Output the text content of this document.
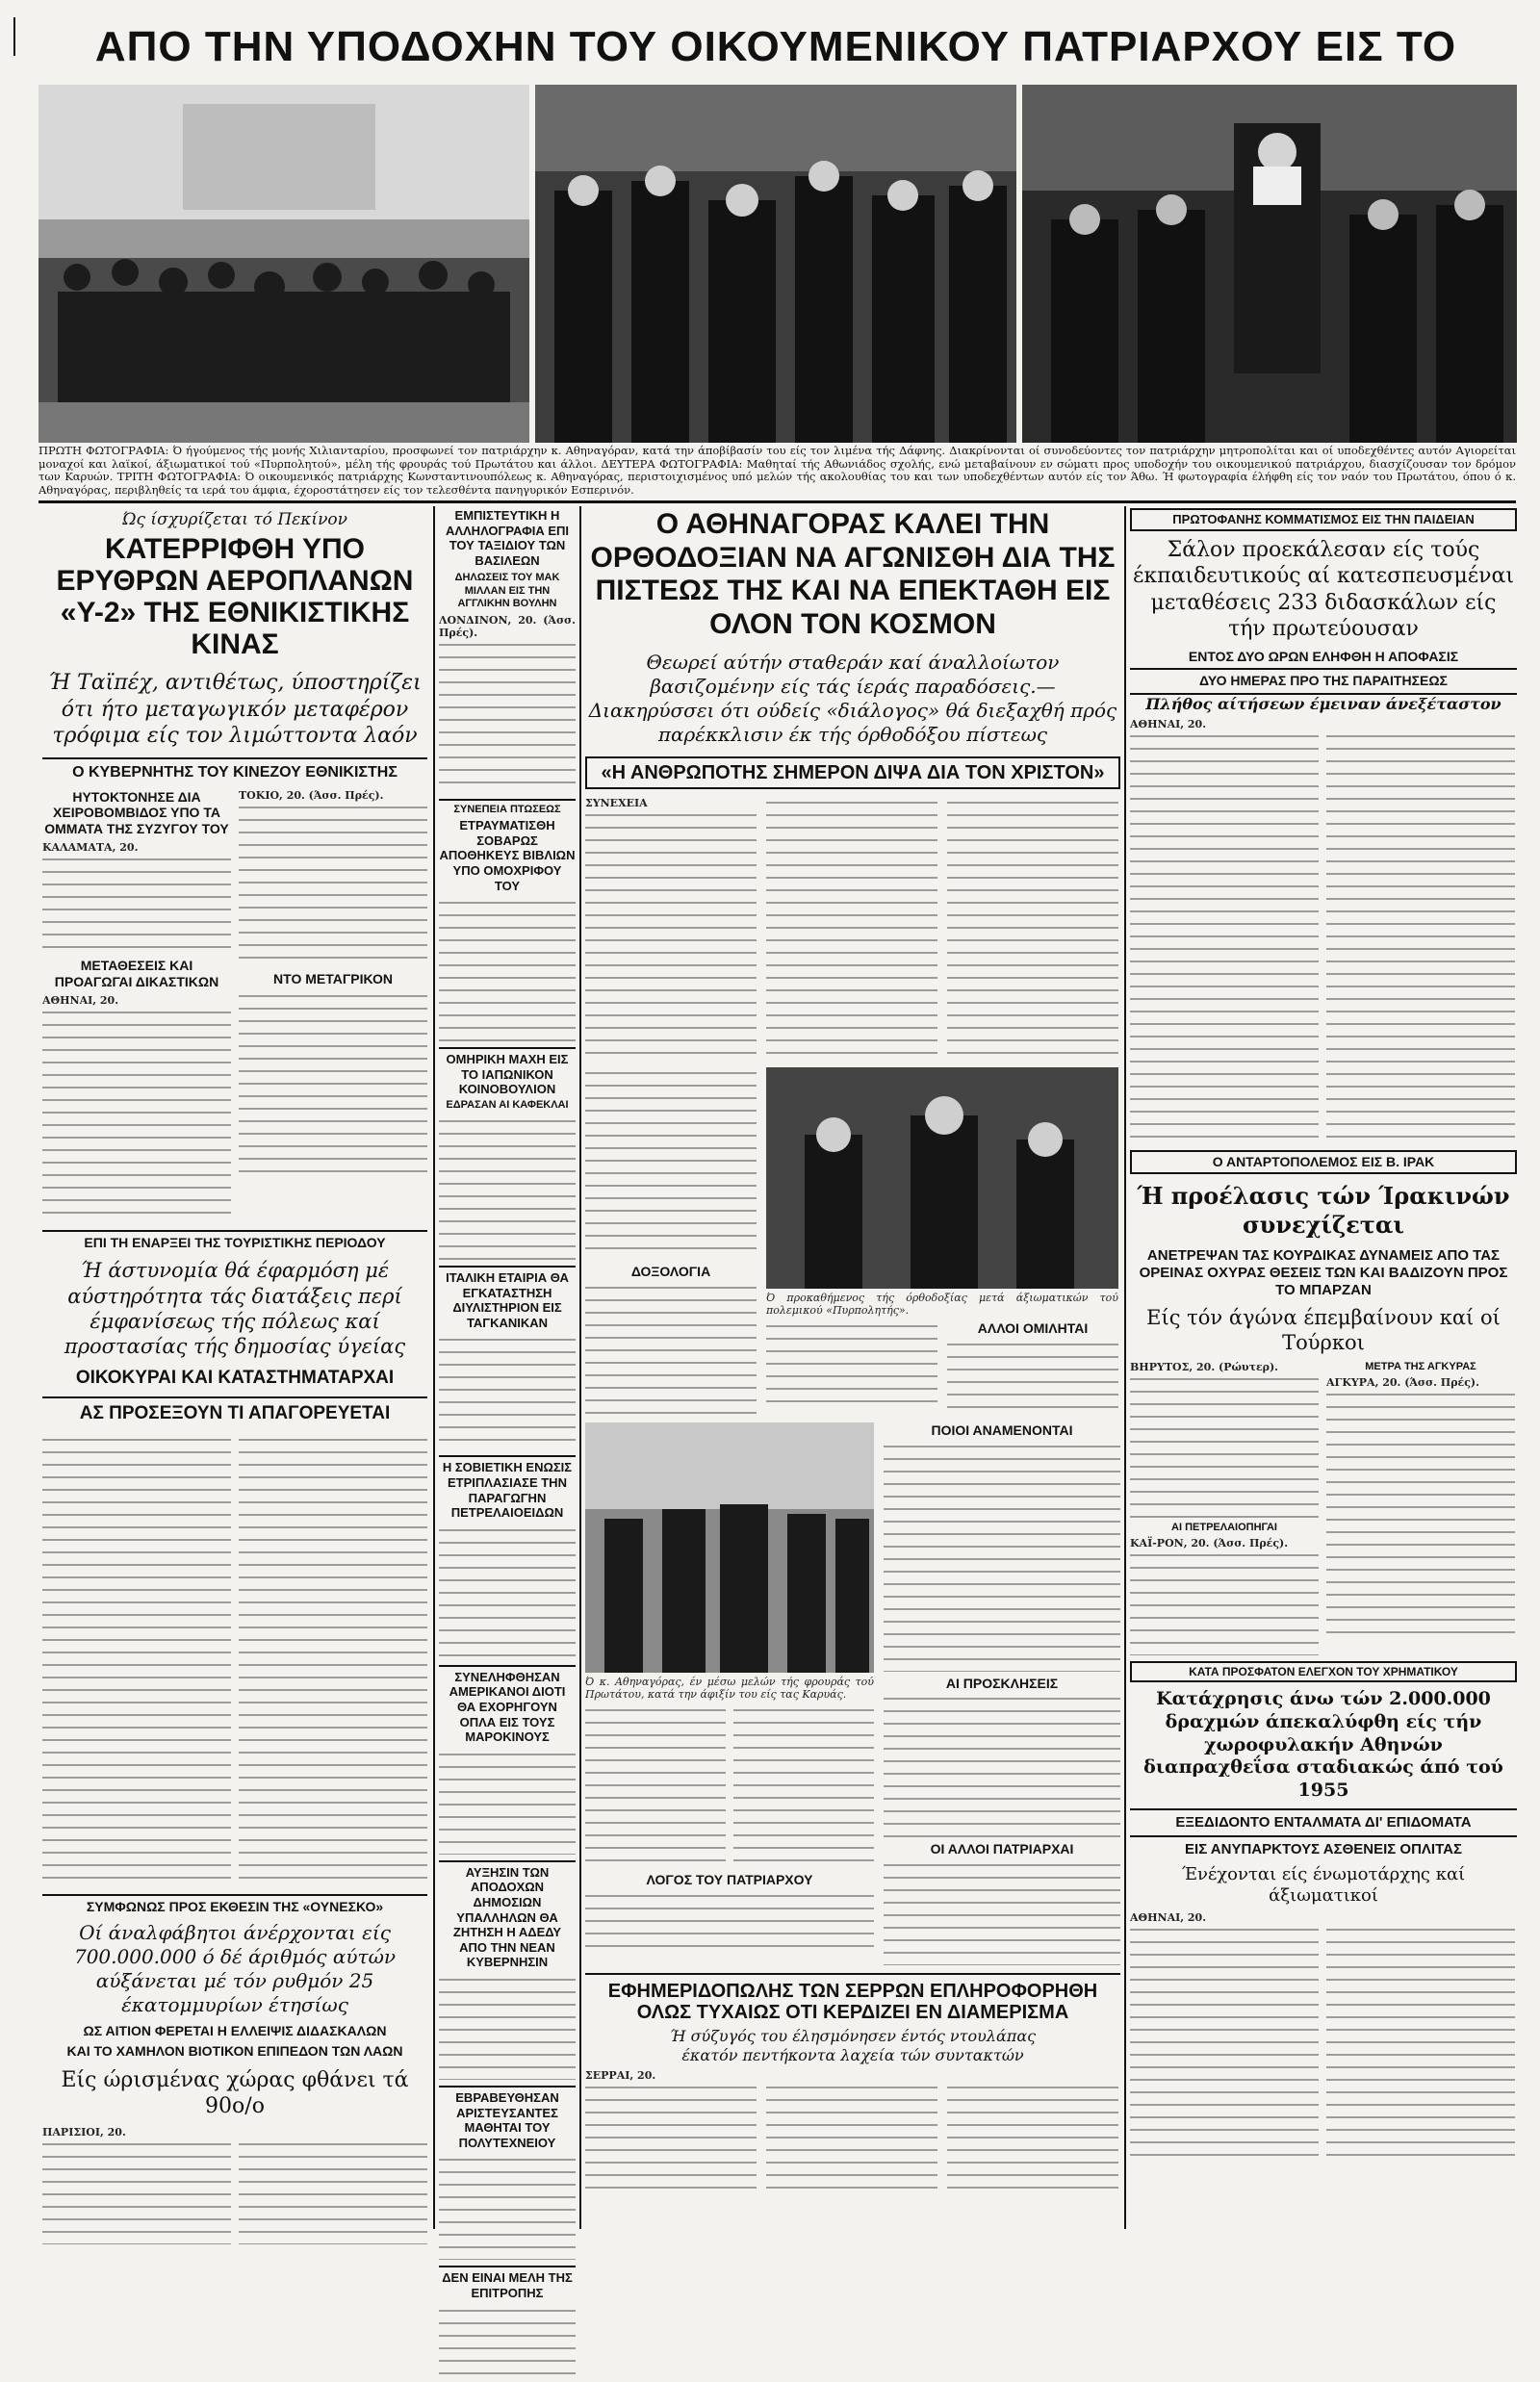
ΑΠΟ ΤΗΝ ΥΠΟΔΟΧΗΝ ΤΟΥ ΟΙΚΟΥΜΕΝΙΚΟΥ ΠΑΤΡΙΑΡΧΟΥ ΕΙΣ ΤΟ
ΠΡΩΤΗ ΦΩΤΟΓΡΑΦΙΑ: Ό ήγούμενος τής μονής Χιλιανταρίου, προσφωνεί τον πατριάρχην κ. Αθηναγόραν, κατά την άποβίβασίν του είς τον λιμένα τής Δάφνης. Διακρίνονται οί συνοδεύοντες τον πατριάρχην μητροπολίται και οί υποδεχθέντες αυτόν Αγιορείται μοναχοί και λαϊκοί, άξιωματικοί τού «Πυρπολητού», μέλη τής φρουράς τού Πρωτάτου και άλλοι. ΔΕΥΤΕΡΑ ΦΩΤΟΓΡΑΦΙΑ: Μαθηταί τής Αθωνιάδος σχολής, ενώ μεταβαίνουν εν σώματι προς υποδοχήν του οικουμενικού πατριάρχου, διασχίζουσαν τον δρόμον των Καρυών. ΤΡΙΤΗ ΦΩΤΟΓΡΑΦΙΑ: Ό οικουμενικός πατριάρχης Κωνσταντινουπόλεως κ. Αθηναγόρας, περιστοιχισμένος υπό μελών τής ακολουθίας του και των υποδεχθέντων αυτόν είς τον Άθω. Ή φωτογραφία έλήφθη είς τον ναόν του Πρωτάτου, όπου ό κ. Αθηναγόρας, περιβληθείς τα ιερά του άμφια, έχοροστάτησεν είς τον τελεσθέντα πανηγυρικόν Εσπερινόν.
Ώς ίσχυρίζεται τό Πεκίνον
ΚΑΤΕΡΡΙΦΘΗ ΥΠΟ ΕΡΥΘΡΩΝ ΑΕΡΟΠΛΑΝΩΝ «Υ-2» ΤΗΣ ΕΘΝΙΚΙΣΤΙΚΗΣ ΚΙΝΑΣ
Ή Ταϊπέχ, αντιθέτως, ύποστηρίζει ότι ήτο μεταγωγικόν μεταφέρον τρόφιμα είς τον λιμώττοντα λαόν
Ο ΚΥΒΕΡΝΗΤΗΣ ΤΟΥ ΚΙΝΕΖΟΥ ΕΘΝΙΚΙΣΤΗΣ
ΗΥΤΟΚΤΟΝΗΣΕ ΔΙΑ ΧΕΙΡΟΒΟΜΒΙΔΟΣ ΥΠΟ ΤΑ ΟΜΜΑΤΑ ΤΗΣ ΣΥΖΥΓΟΥ ΤΟΥ
ΚΑΛΑΜΑΤΑ, 20.
ΜΕΤΑΘΕΣΕΙΣ ΚΑΙ ΠΡΟΑΓΩΓΑΙ ΔΙΚΑΣΤΙΚΩΝ
ΑΘΗΝΑΙ, 20.
ΤΟΚΙΟ, 20. (Άσσ. Πρές).
ΝΤΟ ΜΕΤΑΓΡΙΚΟΝ
ΕΠΙ ΤΗ ΕΝΑΡΞΕΙ ΤΗΣ ΤΟΥΡΙΣΤΙΚΗΣ ΠΕΡΙΟΔΟΥ
Ή άστυνομία θά έφαρμόση μέ αύστηρότητα τάς διατάξεις περί έμφανίσεως τής πόλεως καί προστασίας τής δημοσίας ύγείας
ΟΙΚΟΚΥΡΑΙ ΚΑΙ ΚΑΤΑΣΤΗΜΑΤΑΡΧΑΙ
ΑΣ ΠΡΟΣΕΞΟΥΝ ΤΙ ΑΠΑΓΟΡΕΥΕΤΑΙ
ΣΥΜΦΩΝΩΣ ΠΡΟΣ ΕΚΘΕΣΙΝ ΤΗΣ «ΟΥΝΕΣΚΟ»
Οί άναλφάβητοι άνέρχονται είς 700.000.000 ό δέ άριθμός αύτών αύξάνεται μέ τόν ρυθμόν 25 έκατομμυρίων έτησίως
ΩΣ ΑΙΤΙΟΝ ΦΕΡΕΤΑΙ Η ΕΛΛΕΙΨΙΣ ΔΙΔΑΣΚΑΛΩΝ
ΚΑΙ ΤΟ ΧΑΜΗΛΟΝ ΒΙΟΤΙΚΟΝ ΕΠΙΠΕΔΟΝ ΤΩΝ ΛΑΩΝ
Είς ώρισμένας χώρας φθάνει τά 90ο/ο
ΠΑΡΙΣΙΟΙ, 20.
ΕΜΠΙΣΤΕΥΤΙΚΗ Η ΑΛΛΗΛΟΓΡΑΦΙΑ ΕΠΙ ΤΟΥ ΤΑΞΙΔΙΟΥ ΤΩΝ ΒΑΣΙΛΕΩΝ
ΔΗΛΩΣΕΙΣ ΤΟΥ ΜΑΚ ΜΙΛΛΑΝ ΕΙΣ ΤΗΝ ΑΓΓΛΙΚΗΝ ΒΟΥΛΗΝ
ΛΟΝΔΙΝΟΝ, 20. (Άσσ. Πρές).
ΣΥΝΕΠΕΙΑ ΠΤΩΣΕΩΣ
ΕΤΡΑΥΜΑΤΙΣΘΗ ΣΟΒΑΡΩΣ ΑΠΟΘΗΚΕΥΣ ΒΙΒΛΙΩΝ ΥΠΟ ΟΜΟΧΡΙΦΟΥ ΤΟΥ
ΟΜΗΡΙΚΗ ΜΑΧΗ ΕΙΣ ΤΟ ΙΑΠΩΝΙΚΟΝ ΚΟΙΝΟΒΟΥΛΙΟΝ
ΕΔΡΑΣΑΝ ΑΙ ΚΑΦΕΚΛΑΙ
ΙΤΑΛΙΚΗ ΕΤΑΙΡΙΑ ΘΑ ΕΓΚΑΤΑΣΤΗΣΗ ΔΙΥΛΙΣΤΗΡΙΟΝ ΕΙΣ ΤΑΓΚΑΝΙΚΑΝ
Η ΣΟΒΙΕΤΙΚΗ ΕΝΩΣΙΣ ΕΤΡΙΠΛΑΣΙΑΣΕ ΤΗΝ ΠΑΡΑΓΩΓΗΝ ΠΕΤΡΕΛΑΙΟΕΙΔΩΝ
ΣΥΝΕΛΗΦΘΗΣΑΝ ΑΜΕΡΙΚΑΝΟΙ ΔΙΟΤΙ ΘΑ ΕΧΟΡΗΓΟΥΝ ΟΠΛΑ ΕΙΣ ΤΟΥΣ ΜΑΡΟΚΙΝΟΥΣ
ΑΥΞΗΣΙΝ ΤΩΝ ΑΠΟΔΟΧΩΝ ΔΗΜΟΣΙΩΝ ΥΠΑΛΛΗΛΩΝ ΘΑ ΖΗΤΗΣΗ Η ΑΔΕΔΥ ΑΠΟ ΤΗΝ ΝΕΑΝ ΚΥΒΕΡΝΗΣΙΝ
ΕΒΡΑΒΕΥΘΗΣΑΝ ΑΡΙΣΤΕΥΣΑΝΤΕΣ ΜΑΘΗΤΑΙ ΤΟΥ ΠΟΛΥΤΕΧΝΕΙΟΥ
ΔΕΝ ΕΙΝΑΙ ΜΕΛΗ ΤΗΣ ΕΠΙΤΡΟΠΗΣ
Ο ΑΘΗΝΑΓΟΡΑΣ ΚΑΛΕΙ ΤΗΝ ΟΡΘΟΔΟΞΙΑΝ ΝΑ ΑΓΩΝΙΣΘΗ ΔΙΑ ΤΗΣ ΠΙΣΤΕΩΣ ΤΗΣ ΚΑΙ ΝΑ ΕΠΕΚΤΑΘΗ ΕΙΣ ΟΛΟΝ ΤΟΝ ΚΟΣΜΟΝ
Θεωρεί αύτήν σταθεράν καί άναλλοίωτον βασιζομένην είς τάς ίεράς παραδόσεις.— Διακηρύσσει ότι ούδείς «διάλογος» θά διεξαχθή πρός παρέκκλισιν έκ τής όρθοδόξου πίστεως
«Η ΑΝΘΡΩΠΟΤΗΣ ΣΗΜΕΡΟΝ ΔΙΨΑ ΔΙΑ ΤΟΝ ΧΡΙΣΤΟΝ»
ΣΥΝΕΧΕΙΑ
ΔΟΞΟΛΟΓΙΑ
Ό προκαθήμενος τής όρθοδοξίας μετά άξιωματικών τού πολεμικού «Πυρπολητής».
ΑΛΛΟΙ ΟΜΙΛΗΤΑΙ
Ό κ. Αθηναγόρας, έν μέσω μελών τής φρουράς τού Πρωτάτου, κατά την άφιξίν του είς τας Καρυάς.
ΛΟΓΟΣ ΤΟΥ ΠΑΤΡΙΑΡΧΟΥ
ΠΟΙΟΙ ΑΝΑΜΕΝΟΝΤΑΙ
ΑΙ ΠΡΟΣΚΛΗΣΕΙΣ
ΟΙ ΑΛΛΟΙ ΠΑΤΡΙΑΡΧΑΙ
ΕΦΗΜΕΡΙΔΟΠΩΛΗΣ ΤΩΝ ΣΕΡΡΩΝ ΕΠΛΗΡΟΦΟΡΗΘΗ ΟΛΩΣ ΤΥΧΑΙΩΣ ΟΤΙ ΚΕΡΔΙΖΕΙ ΕΝ ΔΙΑΜΕΡΙΣΜΑ
Ή σύζυγός του έλησμόνησεν έντός ντουλάπας
έκατόν πεντήκοντα λαχεία τών συντακτών
ΣΕΡΡΑΙ, 20.
ΠΡΩΤΟΦΑΝΗΣ ΚΟΜΜΑΤΙΣΜΟΣ ΕΙΣ ΤΗΝ ΠΑΙΔΕΙΑΝ
Σάλον προεκάλεσαν είς τούς έκπαιδευτικούς αί κατεσπευσμέναι μεταθέσεις 233 διδασκάλων είς τήν πρωτεύουσαν
ΕΝΤΟΣ ΔΥΟ ΩΡΩΝ ΕΛΗΦΘΗ Η ΑΠΟΦΑΣΙΣ
ΔΥΟ ΗΜΕΡΑΣ ΠΡΟ ΤΗΣ ΠΑΡΑΙΤΗΣΕΩΣ
Πλήθος αίτήσεων έμειναν άνεξέταστον
ΑΘΗΝΑΙ, 20.
Ο ΑΝΤΑΡΤΟΠΟΛΕΜΟΣ ΕΙΣ Β. ΙΡΑΚ
Ή προέλασις τών Ίρακινών συνεχίζεται
ΑΝΕΤΡΕΨΑΝ ΤΑΣ ΚΟΥΡΔΙΚΑΣ ΔΥΝΑΜΕΙΣ ΑΠΟ ΤΑΣ ΟΡΕΙΝΑΣ ΟΧΥΡΑΣ ΘΕΣΕΙΣ ΤΩΝ ΚΑΙ ΒΑΔΙΖΟΥΝ ΠΡΟΣ ΤΟ ΜΠΑΡΖΑΝ
Είς τόν άγώνα έπεμβαίνουν καί οί Τούρκοι
ΒΗΡΥΤΟΣ, 20. (Ρώυτερ).
ΑΙ ΠΕΤΡΕΛΑΙΟΠΗΓΑΙ
ΚΑΪ-ΡΟΝ, 20. (Άσσ. Πρές).
ΜΕΤΡΑ ΤΗΣ ΑΓΚΥΡΑΣ
ΑΓΚΥΡΑ, 20. (Άσσ. Πρές).
ΚΑΤΑ ΠΡΟΣΦΑΤΟΝ ΕΛΕΓΧΟΝ ΤΟΥ ΧΡΗΜΑΤΙΚΟΥ
Κατάχρησις άνω τών 2.000.000 δραχμών άπεκαλύφθη είς τήν χωροφυλακήν Αθηνών διαπραχθεΐσα σταδιακώς άπό τού 1955
ΕΞΕΔΙΔΟΝΤΟ ΕΝΤΑΛΜΑΤΑ ΔΙ' ΕΠΙΔΟΜΑΤΑ
ΕΙΣ ΑΝΥΠΑΡΚΤΟΥΣ ΑΣΘΕΝΕΙΣ ΟΠΛΙΤΑΣ
Ένέχονται είς ένωμοτάρχης καί άξιωματικοί
ΑΘΗΝΑΙ, 20.
